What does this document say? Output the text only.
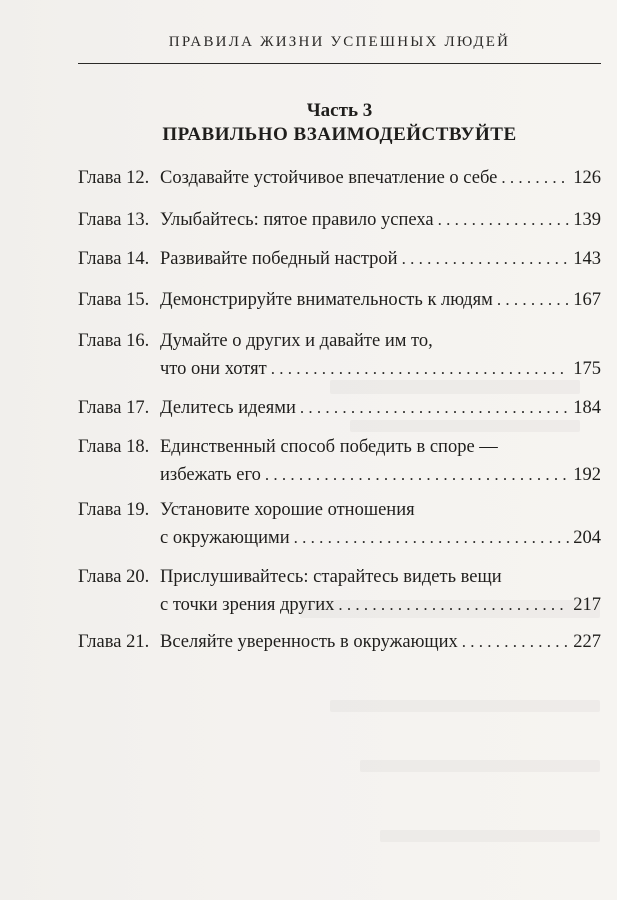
ПРАВИЛА ЖИЗНИ УСПЕШНЫХ ЛЮДЕЙ
Часть 3
ПРАВИЛЬНО ВЗАИМОДЕЙСТВУЙТЕ
Глава 12. Создавайте устойчивое впечатление о себе . . .	126
Глава 13. Улыбайтесь: пятое правило успеха . . .	139
Глава 14. Развивайте победный настрой . . .	143
Глава 15. Демонстрируйте внимательность к людям . . .	167
Глава 16. Думайте о других и давайте им то,
что они хотят . . .	175
Глава 17. Делитесь идеями . . .	184
Глава 18. Единственный способ победить в споре —
избежать его . . .	192
Глава 19. Установите хорошие отношения
с окружающими . . .	204
Глава 20. Прислушивайтесь: старайтесь видеть вещи
с точки зрения других . . .	217
Глава 21. Вселяйте уверенность в окружающих . . .	227
